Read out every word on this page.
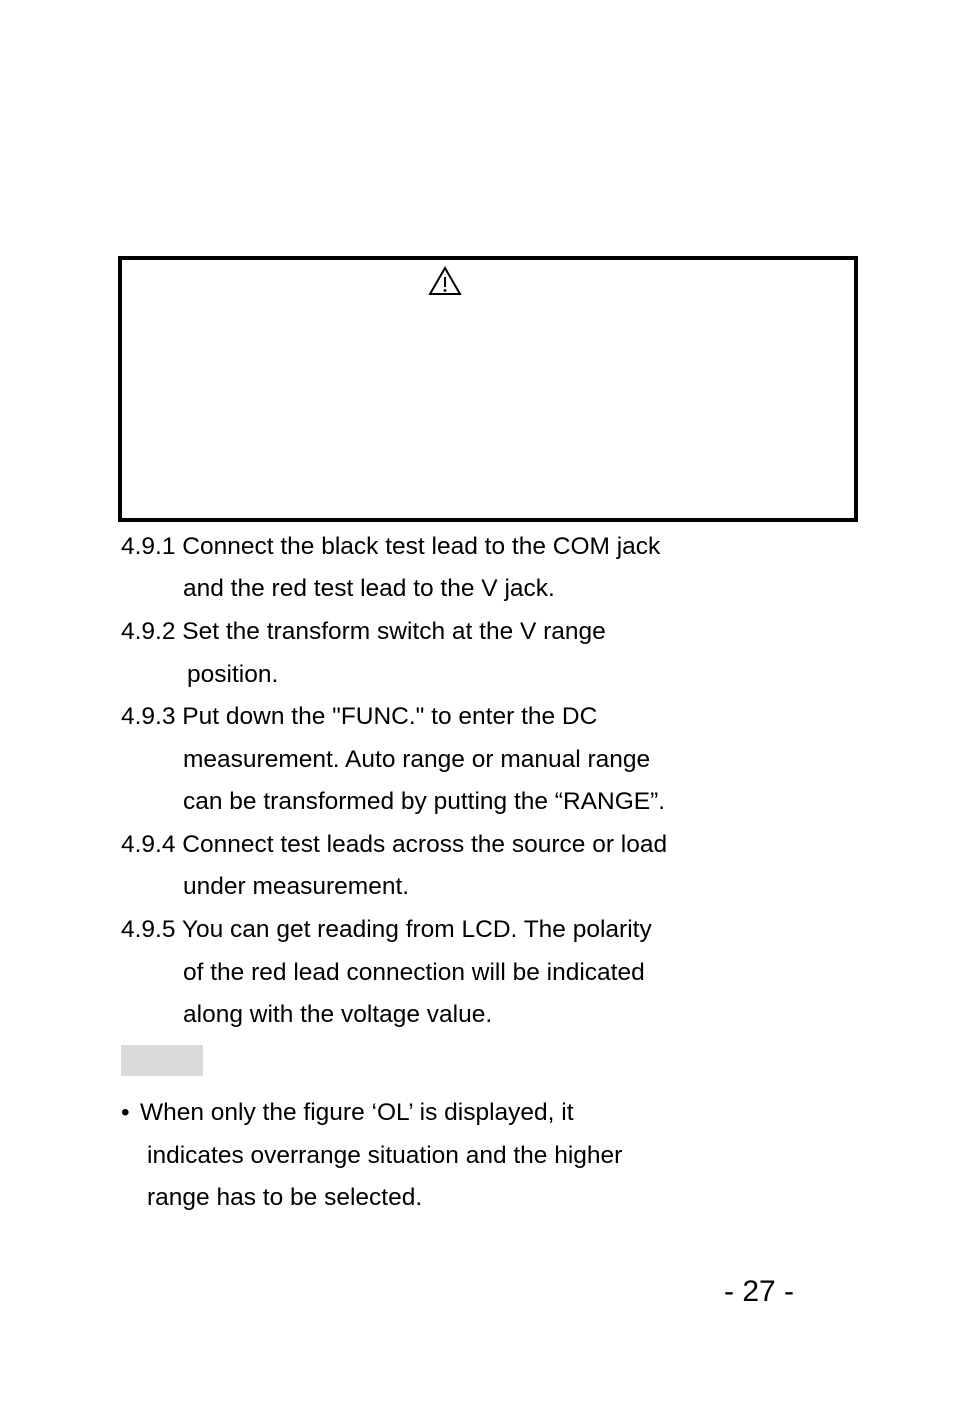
4.9.1 Connect the black test lead to the COM jack
and the red test lead to the V jack.
4.9.2 Set the transform switch at the V range
position.
4.9.3 Put down the "FUNC." to enter the DC
measurement. Auto range or manual range
can be transformed by putting the “RANGE”.
4.9.4 Connect test leads across the source or load
under measurement.
4.9.5 You can get reading from LCD. The polarity
of the red lead connection will be indicated
along with the voltage value.
• When only the figure ‘OL’ is displayed, it
indicates overrange situation and the higher
range has to be selected.
- 27 -
